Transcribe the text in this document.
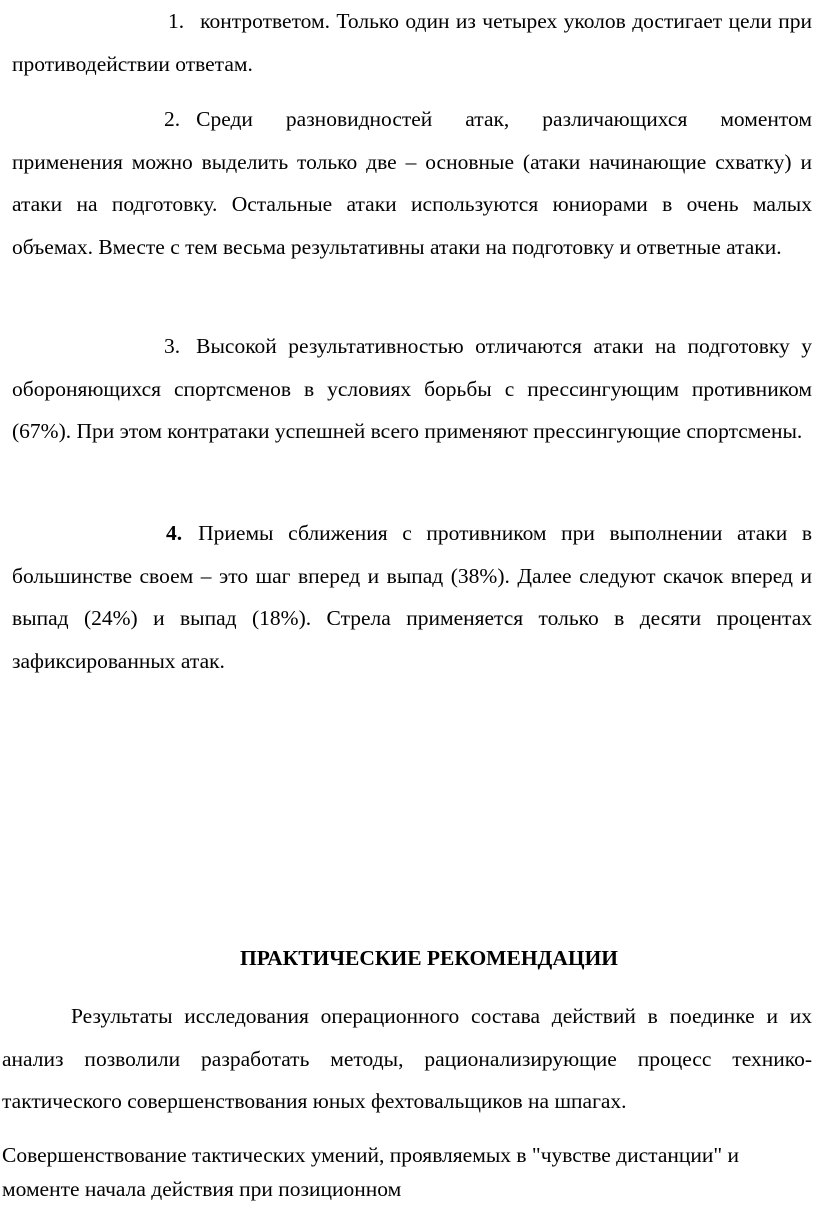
1. контрответом. Только один из четырех уколов достигает цели при противодействии ответам.

2. Среди разновидностей атак, различающихся моментом применения можно выделить только две – основные (атаки начинающие схватку) и атаки на подготовку. Остальные атаки используются юниорами в очень малых объемах. Вместе с тем весьма результативны атаки на подготовку и ответные атаки.

3. Высокой результативностью отличаются атаки на подготовку у обороняющихся спортсменов в условиях борьбы с прессингующим противником (67%). При этом контратаки успешней всего применяют прессингующие спортсмены.

4. Приемы сближения с противником при выполнении атаки в большинстве своем – это шаг вперед и выпад (38%). Далее следуют скачок вперед и выпад (24%) и выпад (18%). Стрела применяется только в десяти процентах зафиксированных атак.

ПРАКТИЧЕСКИЕ РЕКОМЕНДАЦИИ

Результаты исследования операционного состава действий в поединке и их анализ позволили разработать методы, рационализирующие процесс технико-тактического совершенствования юных фехтовальщиков на шпагах.

Совершенствование тактических умений, проявляемых в "чувстве дистанции" и моменте начала действия при позиционном
